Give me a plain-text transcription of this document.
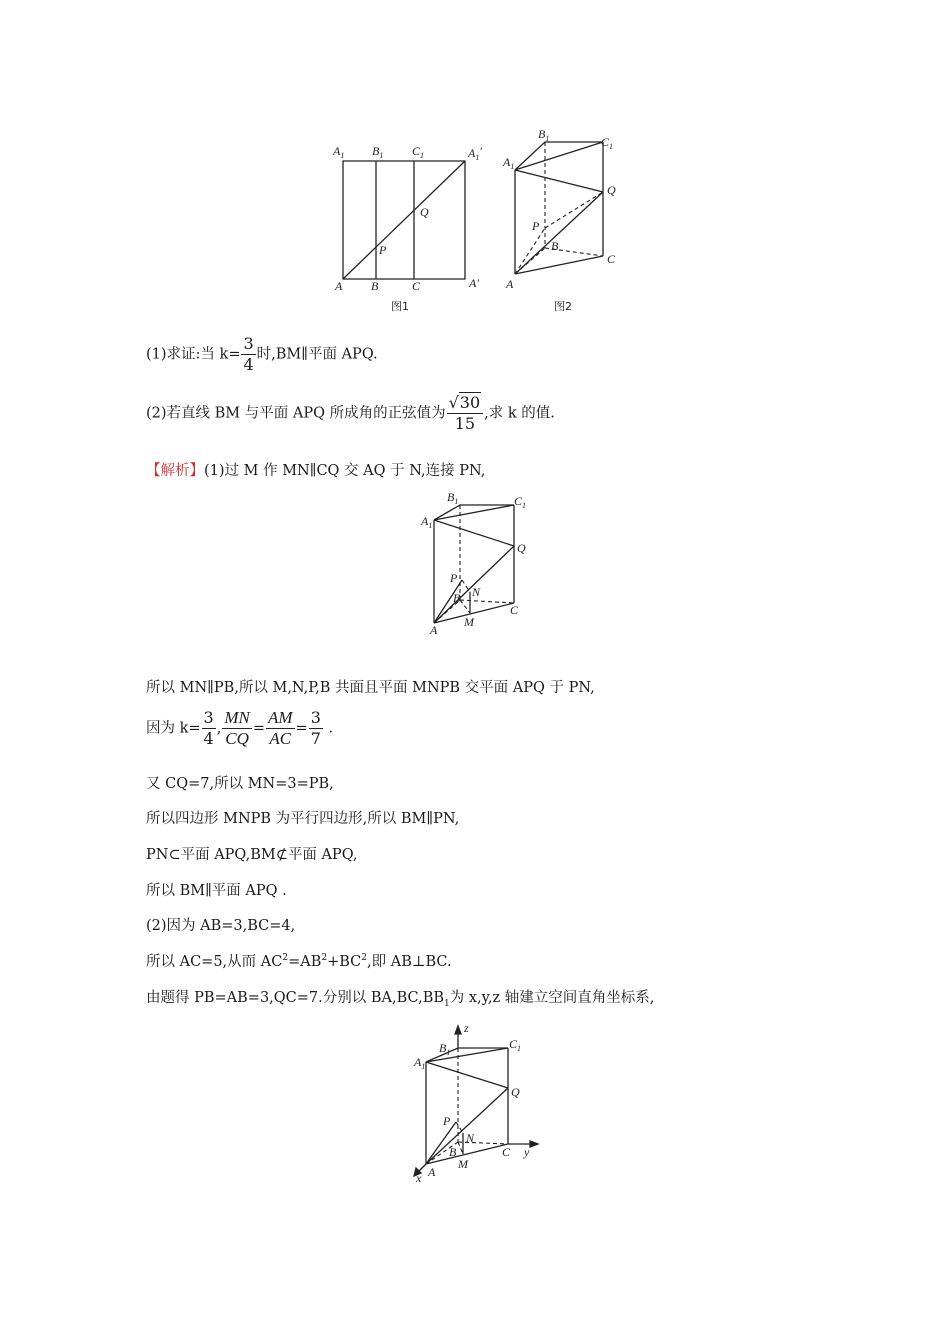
$A_1$ $B_1$ $C_1$	$A_1'$
Q
P
A B	C	A′
图1
$B_1$	$C_1$
$A_1$
Q
P
B
C
A
图2
(1)求证:当 $k= \frac{3}{4}$ 时,BM∥平面 APQ.
(2)若直线 BM 与平面 APQ 所成角的正弦值为 $\frac{√30}{15}$ ,求 k 的值.
【解析】(1)过 M 作 MN∥CQ 交 AQ 于 N,连接 PN,
$B_1$	$C_1$
$A_1$
Q
P
N
B
C
A
M
所以 MN∥PB,所以 M,N,P,B 共面且平面 MNPB 交平面 APQ 于 PN,
因为 $k= \frac{3}{4}$ , $\frac{MN}{CQ} = \frac{AM}{AC} = \frac{3}{7}$ .
又 CQ=7,所以 MN=3=PB,
所以四边形 MNPB 为平行四边形,所以 BM∥PN,
PN⊂平面 APQ,BM⊄平面 APQ,
所以 BM∥平面 APQ .
(2)因为 AB=3,BC=4,
所以 AC=5,从而 $AC^2=AB^2+BC^2$,即 AB⊥BC.
由题得 PB=AB=3,QC=7.分别以 $BA,BC,BB_1$为 x,y,z 轴建立空间直角坐标系,
z
$B_1$
$C_1$
$A_1$
Q
P
N
B	C y
A
M
x
